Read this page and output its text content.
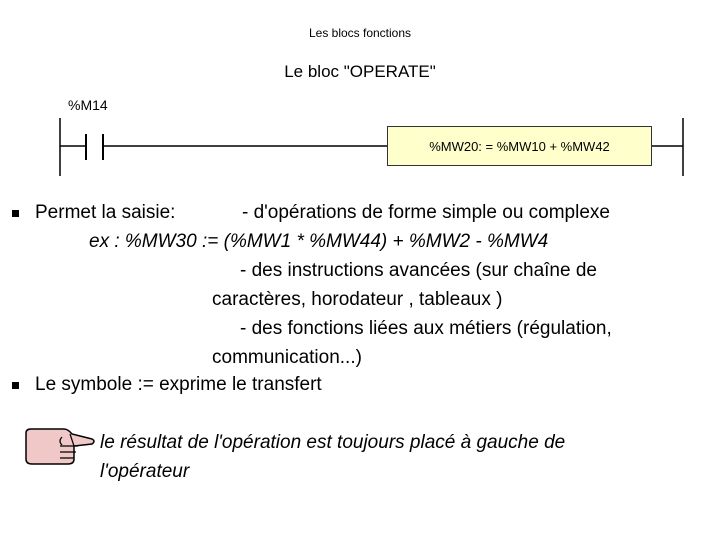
Les blocs fonctions
Le bloc "OPERATE"
%M14
%MW20: = %MW10 + %MW42
Permet la saisie:	- d'opérations de forme simple ou complexe
ex : %MW30 := (%MW1 * %MW44) + %MW2 - %MW4
- des instructions avancées (sur chaîne de
caractères, horodateur , tableaux )
- des fonctions liées aux métiers (régulation,
communication...)
Le symbole := exprime le transfert
le résultat de l'opération est toujours placé à gauche de
l'opérateur
